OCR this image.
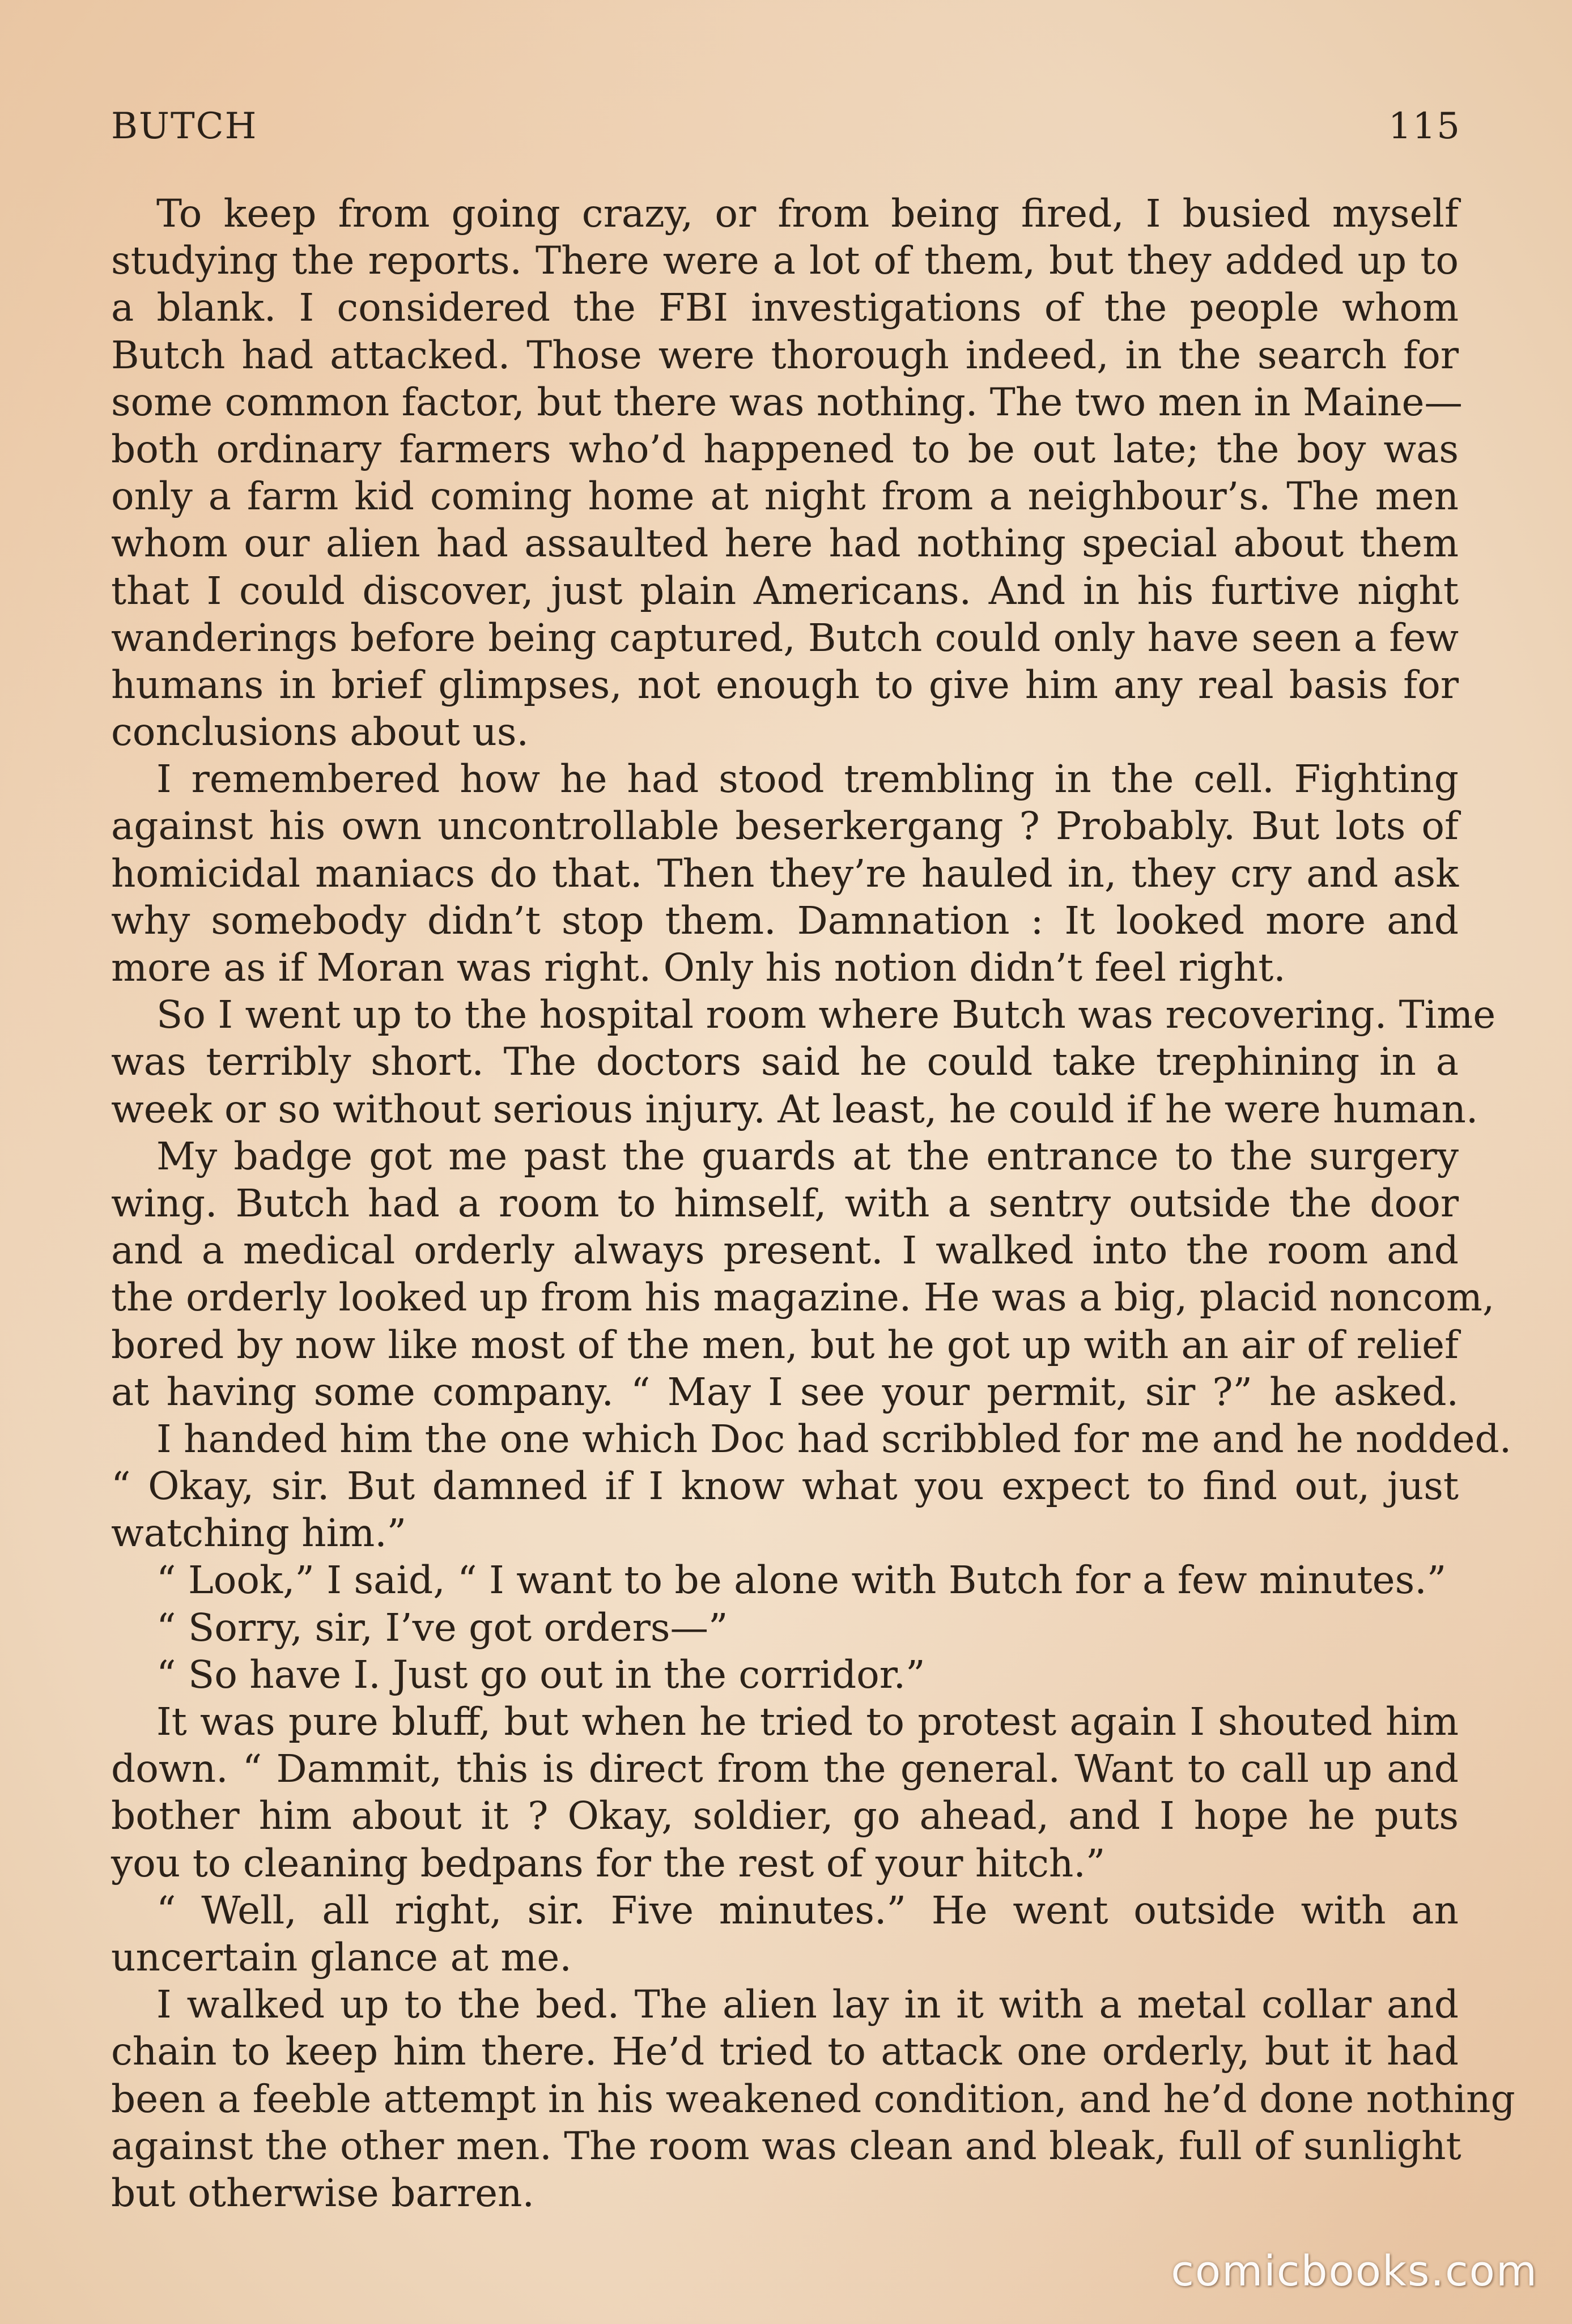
BUTCH	115
To keep from going crazy, or from being fired, I busied myself
studying the reports. There were a lot of them, but they added up to
a blank. I considered the FBI investigations of the people whom
Butch had attacked. Those were thorough indeed, in the search for
some common factor, but there was nothing. The two men in Maine—
both ordinary farmers who’d happened to be out late; the boy was
only a farm kid coming home at night from a neighbour’s. The men
whom our alien had assaulted here had nothing special about them
that I could discover, just plain Americans. And in his furtive night
wanderings before being captured, Butch could only have seen a few
humans in brief glimpses, not enough to give him any real basis for
conclusions about us.
I remembered how he had stood trembling in the cell. Fighting
against his own uncontrollable beserkergang ? Probably. But lots of
homicidal maniacs do that. Then they’re hauled in, they cry and ask
why somebody didn’t stop them. Damnation : It looked more and
more as if Moran was right. Only his notion didn’t feel right.
So I went up to the hospital room where Butch was recovering. Time
was terribly short. The doctors said he could take trephining in a
week or so without serious injury. At least, he could if he were human.
My badge got me past the guards at the entrance to the surgery
wing. Butch had a room to himself, with a sentry outside the door
and a medical orderly always present. I walked into the room and
the orderly looked up from his magazine. He was a big, placid noncom,
bored by now like most of the men, but he got up with an air of relief
at having some company. “ May I see your permit, sir ?” he asked.
I handed him the one which Doc had scribbled for me and he nodded.
“ Okay, sir. But damned if I know what you expect to find out, just
watching him.”
“ Look,” I said, “ I want to be alone with Butch for a few minutes.”
“ Sorry, sir, I’ve got orders—”
“ So have I. Just go out in the corridor.”
It was pure bluff, but when he tried to protest again I shouted him
down. “ Dammit, this is direct from the general. Want to call up and
bother him about it ? Okay, soldier, go ahead, and I hope he puts
you to cleaning bedpans for the rest of your hitch.”
“ Well, all right, sir. Five minutes.” He went outside with an
uncertain glance at me.
I walked up to the bed. The alien lay in it with a metal collar and
chain to keep him there. He’d tried to attack one orderly, but it had
been a feeble attempt in his weakened condition, and he’d done nothing
against the other men. The room was clean and bleak, full of sunlight
but otherwise barren.
comicbooks.com
